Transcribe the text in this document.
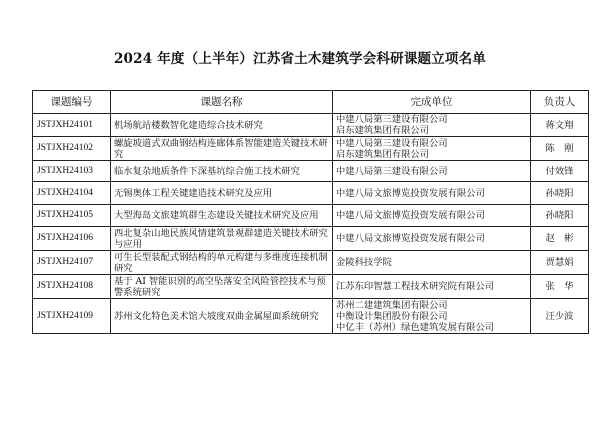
2024 年度（上半年）江苏省土木建筑学会科研课题立项名单
课题编号	课题名称	完成单位	负责人
JSTJXH24101	机场航站楼数智化建造综合技术研究	中建八局第三建设有限公司
启东建筑集团有限公司	蒋文翔
JSTJXH24102	螺旋坡道式双曲钢结构连廊体系智能建造关键技术研究	中建八局第三建设有限公司
启东建筑集团有限公司	陈　刚
JSTJXH24103	临水复杂地质条件下深基坑综合施工技术研究	中建八局第三建设有限公司	付效锋
JSTJXH24104	无锡奥体工程关键建造技术研究及应用	中建八局文旅博览投资发展有限公司	孙晓阳
JSTJXH24105	大型海岛文旅建筑群生态建设关键技术研究及应用	中建八局文旅博览投资发展有限公司	孙晓阳
JSTJXH24106	西北复杂山地民族风情建筑景观群建造关键技术研究与应用	中建八局文旅博览投资发展有限公司	赵　彬
JSTJXH24107	可生长型装配式钢结构的单元构建与多维度连接机制研究	金陵科技学院	贾慧娟
JSTJXH24108	基于 AI 智能识别的高空坠落安全风险管控技术与预警系统研究	江苏东印智慧工程技术研究院有限公司	张　华
JSTJXH24109	苏州文化特色美术馆大坡度双曲金属屋面系统研究	苏州二建建筑集团有限公司
中衡设计集团股份有限公司
中亿丰（苏州）绿色建筑发展有限公司	汪少波
